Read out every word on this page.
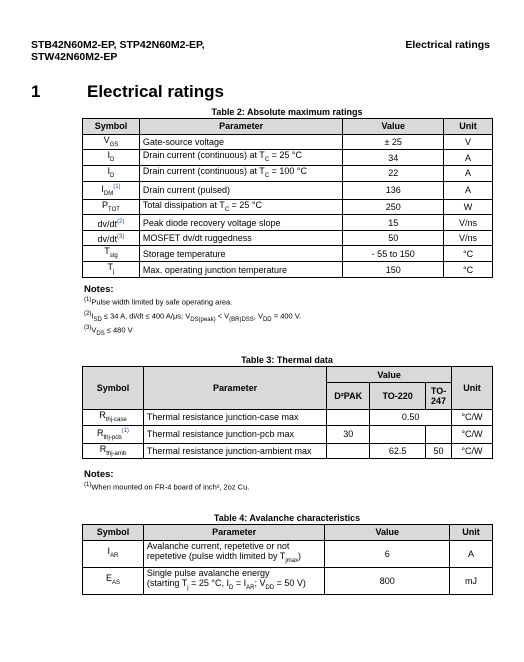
STB42N60M2-EP, STP42N60M2-EP,
STW42N60M2-EP
Electrical ratings
1	Electrical ratings
Table 2: Absolute maximum ratings
Symbol	Parameter	Value	Unit
$V_{GS}$	Gate-source voltage	± 25	V
$I_D$	Drain current (continuous) at $T_C = 25$ °C	34	A
$I_D$	Drain current (continuous) at $T_C = 100$ °C	22	A
$I_{DM}^{(1)}$	Drain current (pulsed)	136	A
$P_{TOT}$	Total dissipation at $T_C = 25$ °C	250	W
$dv/dt^{(2)}$	Peak diode recovery voltage slope	15	V/ns
$dv/dt^{(3)}$	MOSFET dv/dt ruggedness	50	V/ns
$T_{stg}$	Storage temperature	- 55 to 150	°C
$T_j$	Max. operating junction temperature	150	°C
Notes:
$^{(1)}$Pulse width limited by safe operating area.
$^{(2)}I_{SD} \le 34$ A, di/dt ≤ 400 A/μs; $V_{DS(peak)} < V_{(BR)DSS}$, $V_{DD} = 400$ V.
$^{(3)}V_{DS} \le 480$ V
Table 3: Thermal data
Symbol	Parameter	Value			Unit
		D²PAK	TO-220	TO-247	
$R_{thj-case}$	Thermal resistance junction-case max		0.50		°C/W
$R_{thj-pcb}^{(1)}$	Thermal resistance junction-pcb max	30			°C/W
$R_{thj-amb}$	Thermal resistance junction-ambient max		62.5	50	°C/W
Notes:
$^{(1)}$When mounted on FR-4 board of inch², 2oz Cu.
Table 4: Avalanche characteristics
Symbol	Parameter	Value	Unit
$I_{AR}$	Avalanche current, repetetive or not
repetetive (pulse width limited by $T_{jmax}$)	6	A
$E_{AS}$	Single pulse avalanche energy
(starting $T_j = 25$ °C, $I_D = I_{AR}$; $V_{DD} = 50$ V)	800	mJ
